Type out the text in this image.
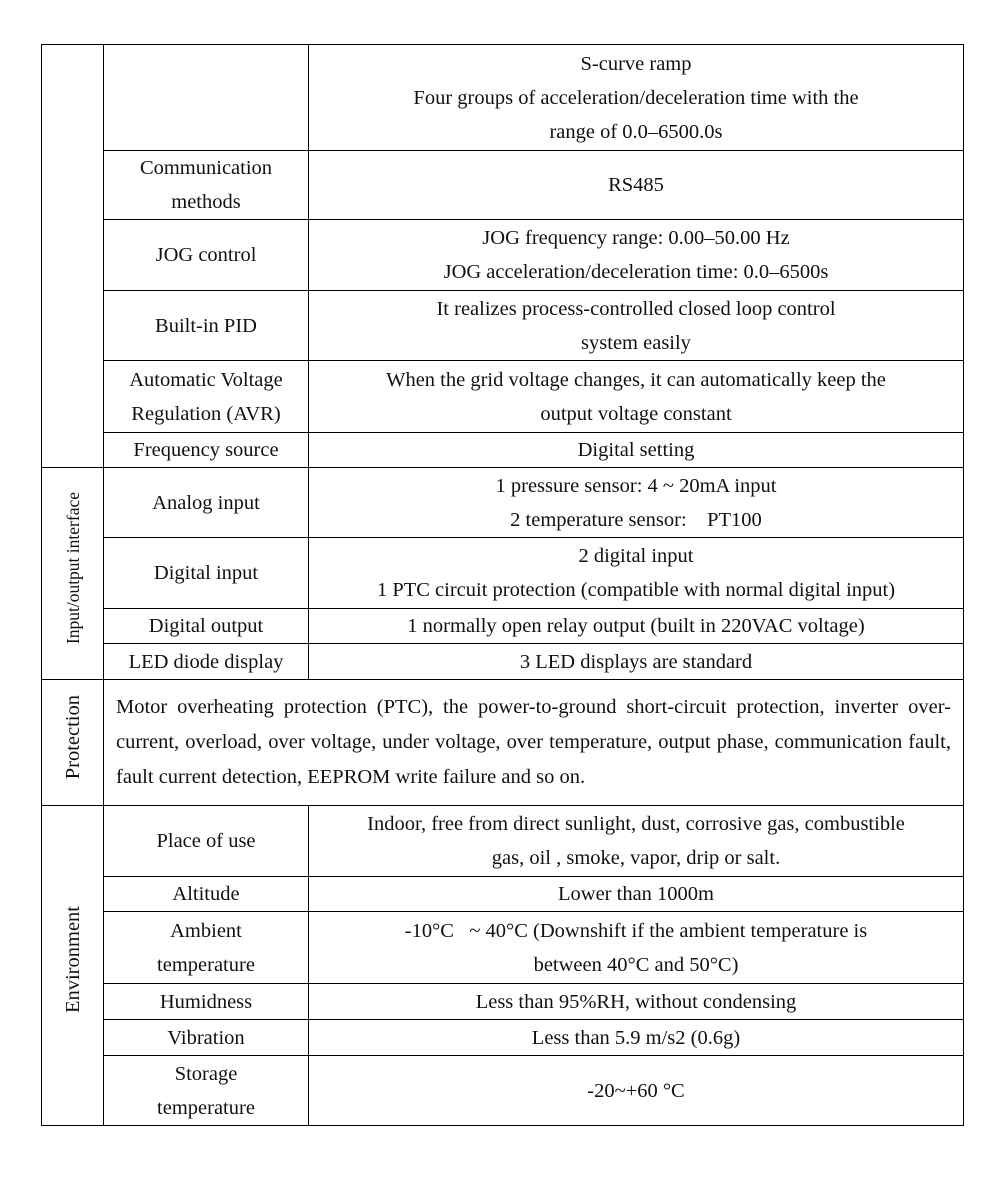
		S-curve ramp
Four groups of acceleration/deceleration time with the
range of 0.0–6500.0s

	Communication
methods	RS485
	JOG control	JOG frequency range: 0.00–50.00 Hz
JOG acceleration/deceleration time: 0.0–6500s

	Built-in PID	It realizes process-controlled closed loop control
system easily

	Automatic Voltage
Regulation (AVR)	When the grid voltage changes, it can automatically keep the
output voltage constant

	Frequency source	Digital setting
Input/output interface	Analog input	1 pressure sensor: 4 ~ 20mA input
2 temperature sensor:    PT100

	Digital input	2 digital input
1 PTC circuit protection (compatible with normal digital input)

	Digital output	1 normally open relay output (built in 220VAC voltage)
	LED diode display	3 LED displays are standard
Protection	Motor overheating protection (PTC), the power-to-ground short-circuit protection, inverter over-current, overload, over voltage, under voltage, over temperature, output phase, communication fault, fault current detection, EEPROM write failure and so on.	
Environment	Place of use	Indoor, free from direct sunlight, dust, corrosive gas, combustible
gas, oil , smoke, vapor, drip or salt.

	Altitude	Lower than 1000m

	Ambient
temperature	-10°C   ~ 40°C (Downshift if the ambient temperature is
between 40°C and 50°C)

	Humidness	Less than 95%RH, without condensing
	Vibration	Less than 5.9 m/s2 (0.6g)

	Storage
temperature	-20~+60 °C
